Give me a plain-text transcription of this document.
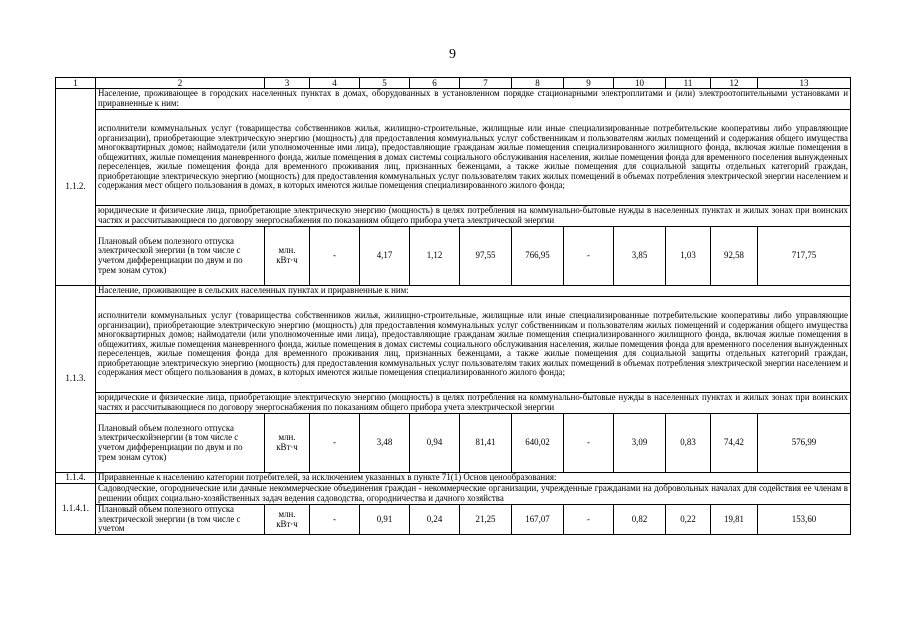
9
1	2	3	4	5	6	7	8	9	10	11	12	13
1.1.2.	Население, проживающее в городских населенных пунктах в домах, оборудованных в установленном порядке стационарными электроплитами и (или) электроотопительными установками и приравненные к ним:											
	исполнители коммунальных услуг (товарищества собственников жилья, жилищно-строительные, жилищные или иные специализированные потребительские кооперативы либо управляющие организации), приобретающие электрическую энергию (мощность) для предоставления коммунальных услуг собственникам и пользователям жилых помещений и содержания общего имущества многоквартирных домов; наймодатели (или уполномоченные ими лица), предоставляющие гражданам жилые помещения специализированного жилищного фонда, включая жилые помещения в общежитиях, жилые помещения маневренного фонда, жилые помещения в домах системы социального обслуживания населения, жилые помещения фонда для временного поселения вынужденных переселенцев, жилые помещения фонда для временного проживания лиц, признанных беженцами, а также жилые помещения для социальной защиты отдельных категорий граждан, приобретающие электрическую энергию (мощность) для предоставления коммунальных услуг пользователям таких жилых помещений в объемах потребления электрической энергии населением и содержания мест общего пользования в домах, в которых имеются жилые помещения специализированного жилого фонда;											
	юридические и физические лица, приобретающие электрическую энергию (мощность) в целях потребления на коммунально-бытовые нужды в населенных пунктах и жилых зонах при воинских частях и рассчитывающиеся по договору энергоснабжения по показаниям общего прибора учета электрической энергии											
	Плановый объем полезного отпуска электрической энергии (в том числе с учетом дифференциации по двум и по трем зонам суток)	млн.
кВт·ч	-	4,17	1,12	97,55	766,95	-	3,85	1,03	92,58	717,75
1.1.3.	Население, проживающее в сельских населенных пунктах и приравненные к ним:											
	исполнители коммунальных услуг (товарищества собственников жилья, жилищно-строительные, жилищные или иные специализированные потребительские кооперативы либо управляющие организации), приобретающие электрическую энергию (мощность) для предоставления коммунальных услуг собственникам и пользователям жилых помещений и содержания общего имущества многоквартирных домов; наймодатели (или уполномоченные ими лица), предоставляющие гражданам жилые помещения специализированного жилищного фонда, включая жилые помещения в общежитиях, жилые помещения маневренного фонда, жилые помещения в домах системы социального обслуживания населения, жилые помещения фонда для временного поселения вынужденных переселенцев, жилые помещения фонда для временного проживания лиц, признанных беженцами, а также жилые помещения для социальной защиты отдельных категорий граждан, приобретающие электрическую энергию (мощность) для предоставления коммунальных услуг пользователям таких жилых помещений в объемах потребления электрической энергии населением и содержания мест общего пользования в домах, в которых имеются жилые помещения специализированного жилого фонда;											
	юридические и физические лица, приобретающие электрическую энергию (мощность) в целях потребления на коммунально-бытовые нужды в населенных пунктах и жилых зонах при воинских частях и рассчитывающиеся по договору энергоснабжения по показаниям общего прибора учета электрической энергии											
	Плановый объем полезного отпуска электрическойэнергии (в том числе с учетом дифференциации по двум и по трем зонам суток)	млн.
кВт·ч	-	3,48	0,94	81,41	640,02	-	3,09	0,83	74,42	576,99
1.1.4.	Приравненные к населению категории потребителей, за исключением указанных в пункте 71(1) Основ ценообразования:											
1.1.4.1.	Садоводческие, огороднические или дачные некоммерческие объединения граждан - некоммерческие организации, учрежденные гражданами на добровольных началах для содействия ее членам в решении общих социально-хозяйственных задач ведения садоводства, огородничества и дачного хозяйства											
	Плановый объем полезного отпуска электрической энергии (в том числе с учетом	млн.
кВт·ч	-	0,91	0,24	21,25	167,07	-	0,82	0,22	19,81	153,60
